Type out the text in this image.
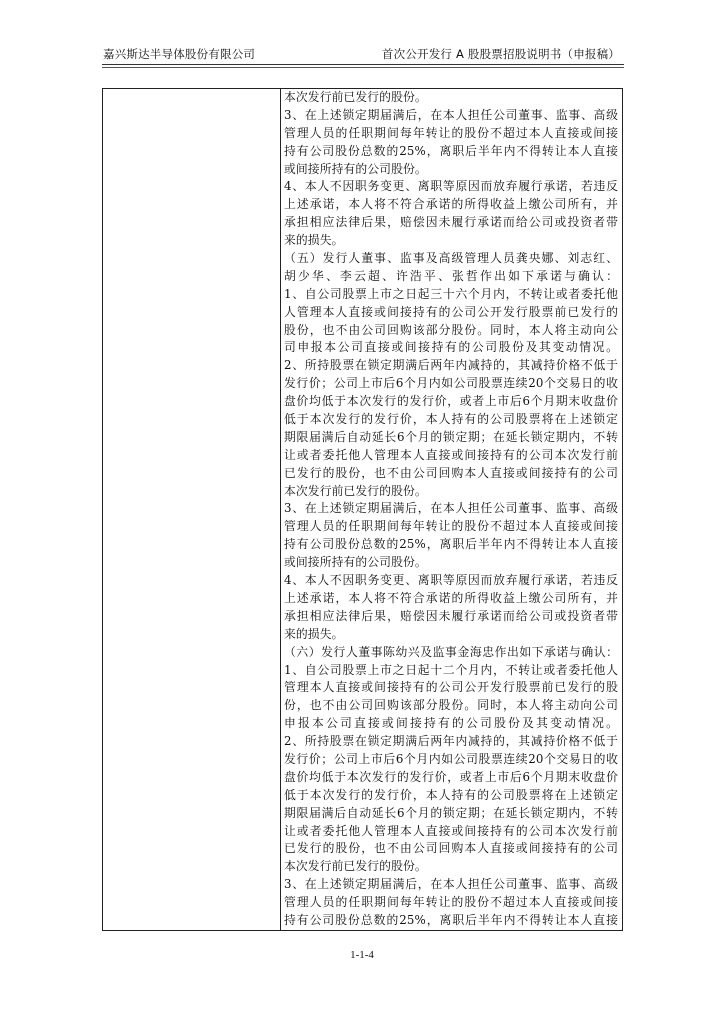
嘉兴斯达半导体股份有限公司	首次公开发行 A 股股票招股说明书（申报稿）
本次发行前已发行的股份。
3、在上述锁定期届满后，在本人担任公司董事、监事、高级
管理人员的任职期间每年转让的股份不超过本人直接或间接
持有公司股份总数的25%，离职后半年内不得转让本人直接
或间接所持有的公司股份。
4、本人不因职务变更、离职等原因而放弃履行承诺，若违反
上述承诺，本人将不符合承诺的所得收益上缴公司所有，并
承担相应法律后果，赔偿因未履行承诺而给公司或投资者带
来的损失。
（五）发行人董事、监事及高级管理人员龚央娜、刘志红、
胡少华、李云超、许浩平、张哲作出如下承诺与确认：
1、自公司股票上市之日起三十六个月内，不转让或者委托他
人管理本人直接或间接持有的公司公开发行股票前已发行的
股份，也不由公司回购该部分股份。同时，本人将主动向公
司申报本公司直接或间接持有的公司股份及其变动情况。
2、所持股票在锁定期满后两年内减持的，其减持价格不低于
发行价；公司上市后6个月内如公司股票连续20个交易日的收
盘价均低于本次发行的发行价，或者上市后6个月期末收盘价
低于本次发行的发行价，本人持有的公司股票将在上述锁定
期限届满后自动延长6个月的锁定期；在延长锁定期内，不转
让或者委托他人管理本人直接或间接持有的公司本次发行前
已发行的股份，也不由公司回购本人直接或间接持有的公司
本次发行前已发行的股份。
3、在上述锁定期届满后，在本人担任公司董事、监事、高级
管理人员的任职期间每年转让的股份不超过本人直接或间接
持有公司股份总数的25%，离职后半年内不得转让本人直接
或间接所持有的公司股份。
4、本人不因职务变更、离职等原因而放弃履行承诺，若违反
上述承诺，本人将不符合承诺的所得收益上缴公司所有，并
承担相应法律后果，赔偿因未履行承诺而给公司或投资者带
来的损失。
（六）发行人董事陈幼兴及监事金海忠作出如下承诺与确认：
1、自公司股票上市之日起十二个月内，不转让或者委托他人
管理本人直接或间接持有的公司公开发行股票前已发行的股
份，也不由公司回购该部分股份。同时，本人将主动向公司
申报本公司直接或间接持有的公司股份及其变动情况。
2、所持股票在锁定期满后两年内减持的，其减持价格不低于
发行价；公司上市后6个月内如公司股票连续20个交易日的收
盘价均低于本次发行的发行价，或者上市后6个月期末收盘价
低于本次发行的发行价，本人持有的公司股票将在上述锁定
期限届满后自动延长6个月的锁定期；在延长锁定期内，不转
让或者委托他人管理本人直接或间接持有的公司本次发行前
已发行的股份，也不由公司回购本人直接或间接持有的公司
本次发行前已发行的股份。
3、在上述锁定期届满后，在本人担任公司董事、监事、高级
管理人员的任职期间每年转让的股份不超过本人直接或间接
持有公司股份总数的25%，离职后半年内不得转让本人直接
1-1-4
